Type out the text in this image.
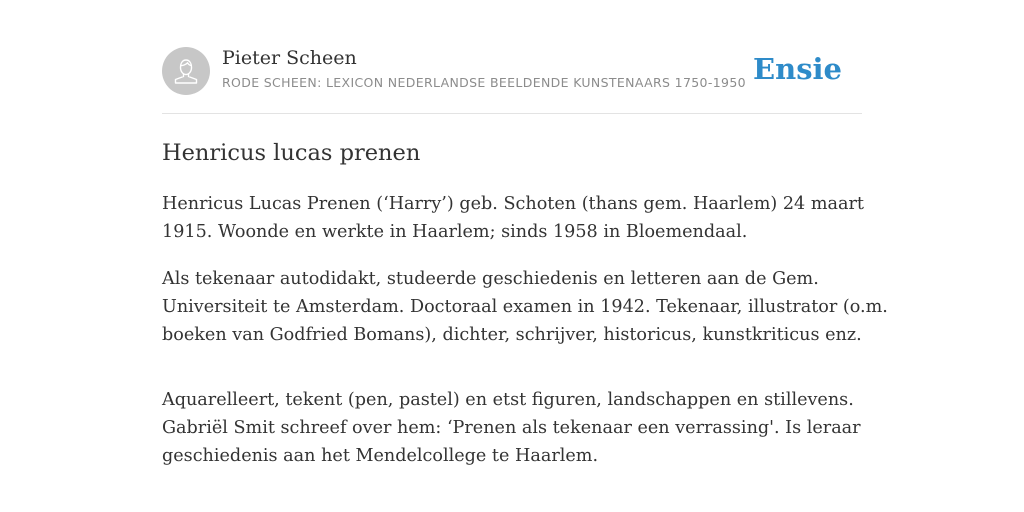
Pieter Scheen
RODE SCHEEN: LEXICON NEDERLANDSE BEELDENDE KUNSTENAARS 1750-1950 Ensie
Henricus lucas prenen

Henricus Lucas Prenen (‘Harry’) geb. Schoten (thans gem. Haarlem) 24 maart
1915. Woonde en werkte in Haarlem; sinds 1958 in Bloemendaal.

Als tekenaar autodidakt, studeerde geschiedenis en letteren aan de Gem.
Universiteit te Amsterdam. Doctoraal examen in 1942. Tekenaar, illustrator (o.m.
boeken van Godfried Bomans), dichter, schrijver, historicus, kunstkriticus enz.

Aquarelleert, tekent (pen, pastel) en etst figuren, landschappen en stillevens.
Gabriël Smit schreef over hem: ‘Prenen als tekenaar een verrassing'. Is leraar
geschiedenis aan het Mendelcollege te Haarlem.
